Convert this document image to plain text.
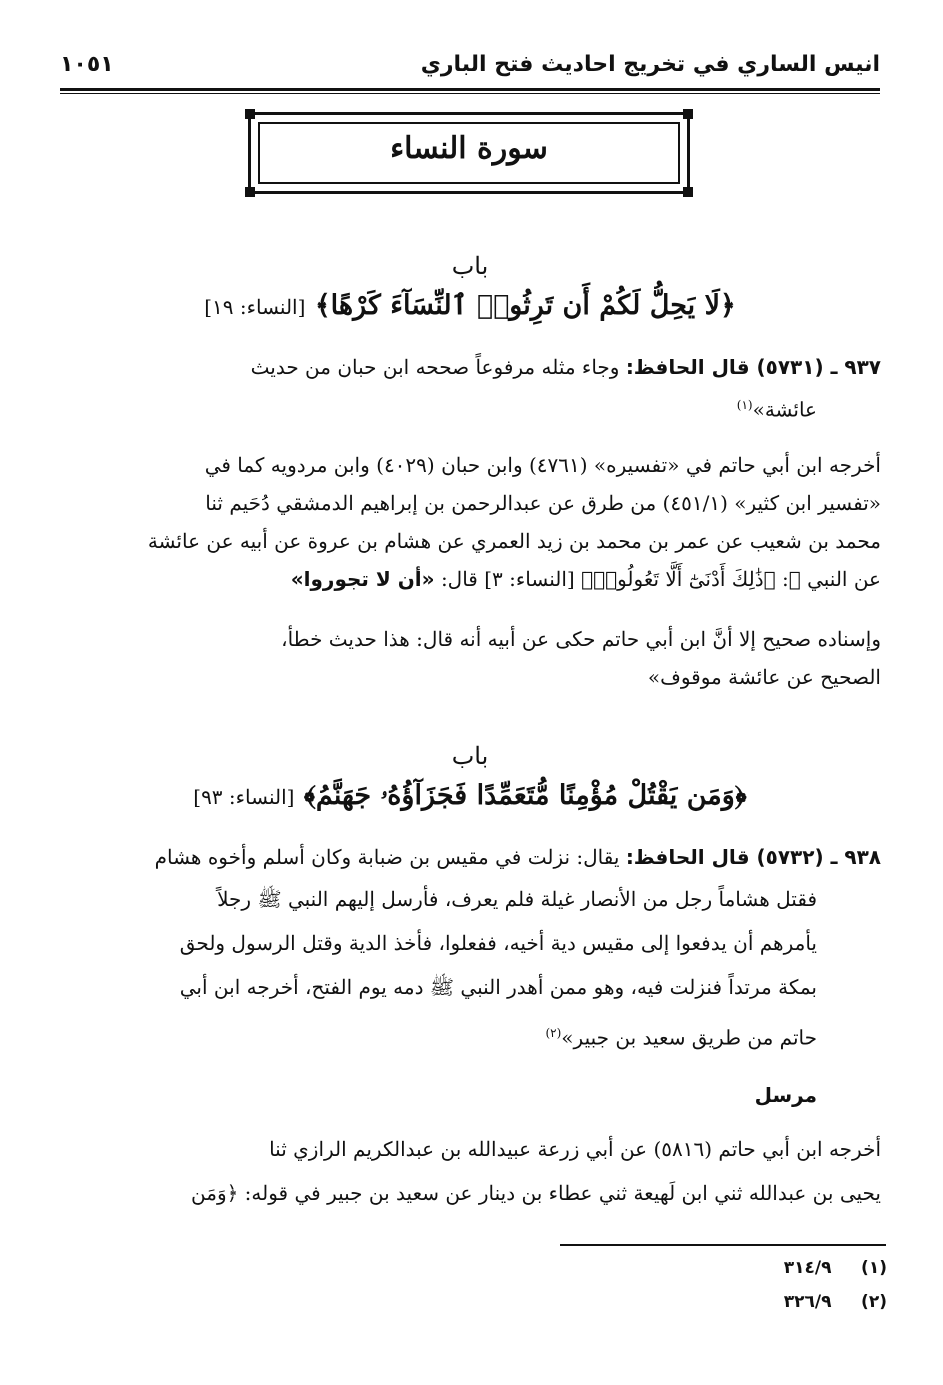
انيس الساري في تخريج احاديث فتح الباري
١٠٥١
سورة النساء
باب
﴿لَا يَحِلُّ لَكُمْ أَن تَرِثُوا۟ ٱلنِّسَآءَ كَرْهًا﴾ [النساء: ١٩]
٩٣٧ ـ (٥٧٣١) قال الحافظ: وجاء مثله مرفوعاً صححه ابن حبان من حديث
عائشة»$^{(١)}$
أخرجه ابن أبي حاتم في «تفسيره» (٤٧٦١) وابن حبان (٤٠٢٩) وابن مردويه كما في
«تفسير ابن كثير» (٤٥١/١) من طرق عن عبدالرحمن بن إبراهيم الدمشقي دُحَيم ثنا
محمد بن شعيب عن عمر بن محمد بن زيد العمري عن هشام بن عروة عن أبيه عن عائشة
عن النبي ﷺ: ﴿ذَٰلِكَ أَدْنَىٰٓ أَلَّا تَعُولُوا۟﴾ [النساء: ٣] قال: «أن لا تجوروا»
وإسناده صحيح إلا أنَّ ابن أبي حاتم حكى عن أبيه أنه قال: هذا حديث خطأ،
الصحيح عن عائشة موقوف»
باب
﴿وَمَن يَقْتُلْ مُؤْمِنًا مُّتَعَمِّدًا فَجَزَآؤُهُۥ جَهَنَّمُ﴾ [النساء: ٩٣]
٩٣٨ ـ (٥٧٣٢) قال الحافظ: يقال: نزلت في مقيس بن ضبابة وكان أسلم وأخوه هشام
فقتل هشاماً رجل من الأنصار غيلة فلم يعرف، فأرسل إليهم النبي ﷺ رجلاً
يأمرهم أن يدفعوا إلى مقيس دية أخيه، ففعلوا، فأخذ الدية وقتل الرسول ولحق
بمكة مرتداً فنزلت فيه، وهو ممن أهدر النبي ﷺ دمه يوم الفتح، أخرجه ابن أبي
حاتم من طريق سعيد بن جبير»$^{(٢)}$
مرسل
أخرجه ابن أبي حاتم (٥٨١٦) عن أبي زرعة عبيدالله بن عبدالكريم الرازي ثنا
يحيى بن عبدالله ثني ابن لَهيعة ثني عطاء بن دينار عن سعيد بن جبير في قوله: ﴿وَمَن
(١)     ٣١٤/٩
(٢)     ٣٢٦/٩
